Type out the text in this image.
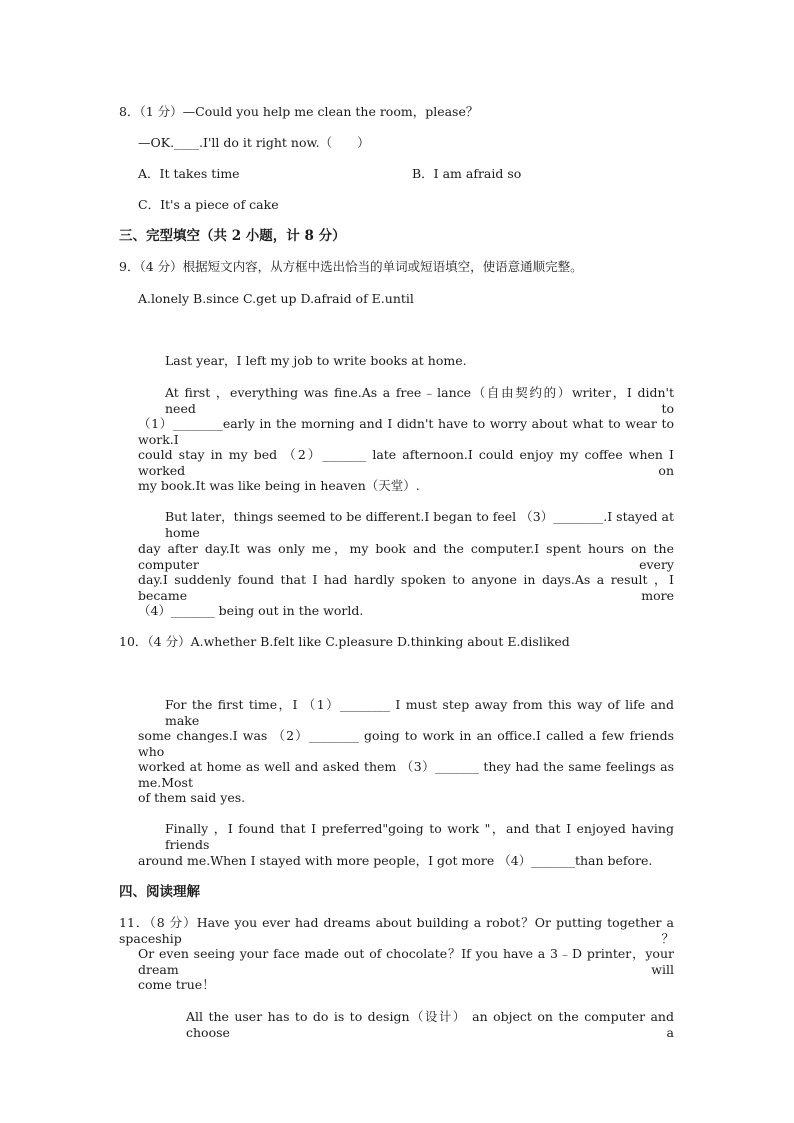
8．（1 分）—Could you help me clean the room，please？
—OK.____.I'll do it right now.（　　）
A．It takes time	B．I am afraid so
C．It's a piece of cake
三、完型填空（共 2 小题，计 8 分）
9．（4 分）根据短文内容，从方框中选出恰当的单词或短语填空，使语意通顺完整。
A.lonely B.since C.get up D.afraid of E.until
Last year，I left my job to write books at home.
At first ，everything was fine.As a free﹣lance（自由契约的）writer，I didn't need to
（1）________early in the morning and I didn't have to worry about what to wear to work.I
could stay in my bed （2）_______ late afternoon.I could enjoy my coffee when I worked on
my book.It was like being in heaven（天堂）.
But later，things seemed to be different.I began to feel （3）________.I stayed at home
day after day.It was only me，my book and the computer.I spent hours on the computer every
day.I suddenly found that I had hardly spoken to anyone in days.As a result ，I became more
（4）_______ being out in the world.
10．（4 分）A.whether B.felt like C.pleasure D.thinking about E.disliked
For the first time，I （1）________ I must step away from this way of life and make
some changes.I was （2）________ going to work in an office.I called a few friends who
worked at home as well and asked them （3）_______ they had the same feelings as me.Most
of them said yes.
Finally ，I found that I preferred"going to work "，and that I enjoyed having friends
around me.When I stayed with more people，I got more （4）_______than before.
四、阅读理解
11．（8 分）Have you ever had dreams about building a robot？Or putting together a spaceship？
Or even seeing your face made out of chocolate？If you have a 3﹣D printer，your dream will
come true！
All the user has to do is to design（设计） an object on the computer and choose a
